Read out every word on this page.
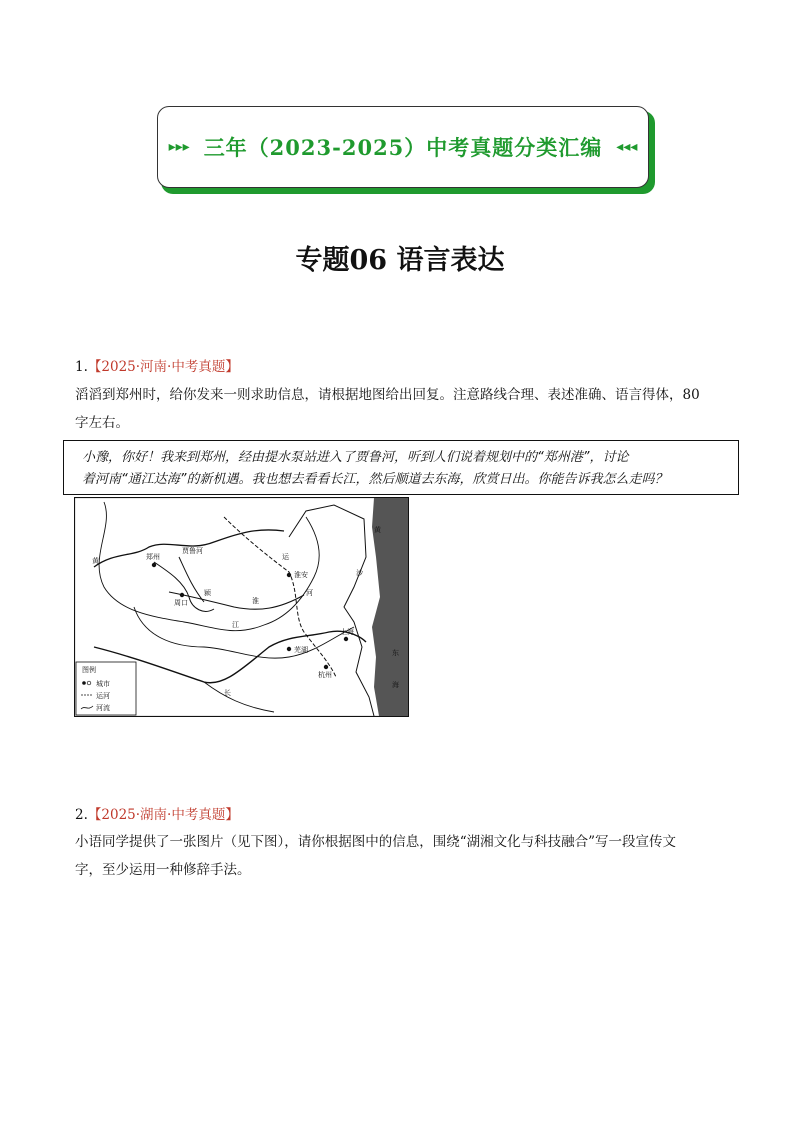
▸▸▸ 三年（2023-2025）中考真题分类汇编 ◂◂◂
专题06 语言表达
1.【2025·河南·中考真题】
滔滔到郑州时，给你发来一则求助信息，请根据地图给出回复。注意路线合理、表述准确、语言得体，80
字左右。
小豫，你好！我来到郑州，经由提水泵站进入了贾鲁河，听到人们说着规划中的“郑州港”，讨论
着河南“通江达海”的新机遇。我也想去看看长江，然后顺道去东海，欣赏日出。你能告诉我怎么走吗？
黄	郑州
周口
贾鲁河
颍
淮
运
淮安
河
江
长
芜湖
上海
杭州
东
海
黄
沙
图例
城市
运河
河流
2.【2025·湖南·中考真题】
小语同学提供了一张图片（见下图），请你根据图中的信息，围绕“湖湘文化与科技融合”写一段宣传文
字，至少运用一种修辞手法。
